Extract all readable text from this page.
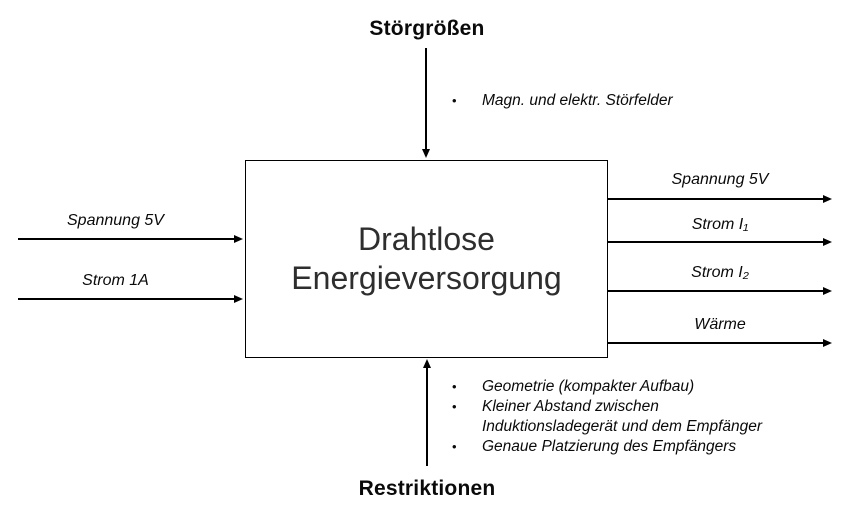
Störgrößen
•	Magn. und elektr. Störfelder
Drahtlose Energieversorgung
Spannung 5V
Strom 1A
Spannung 5V
Strom I₁
Strom I₂
Wärme
•	Geometrie (kompakter Aufbau)
•	Kleiner Abstand zwischen
Induktionsladegerät und dem Empfänger
•	Genaue Platzierung des Empfängers
Restriktionen
